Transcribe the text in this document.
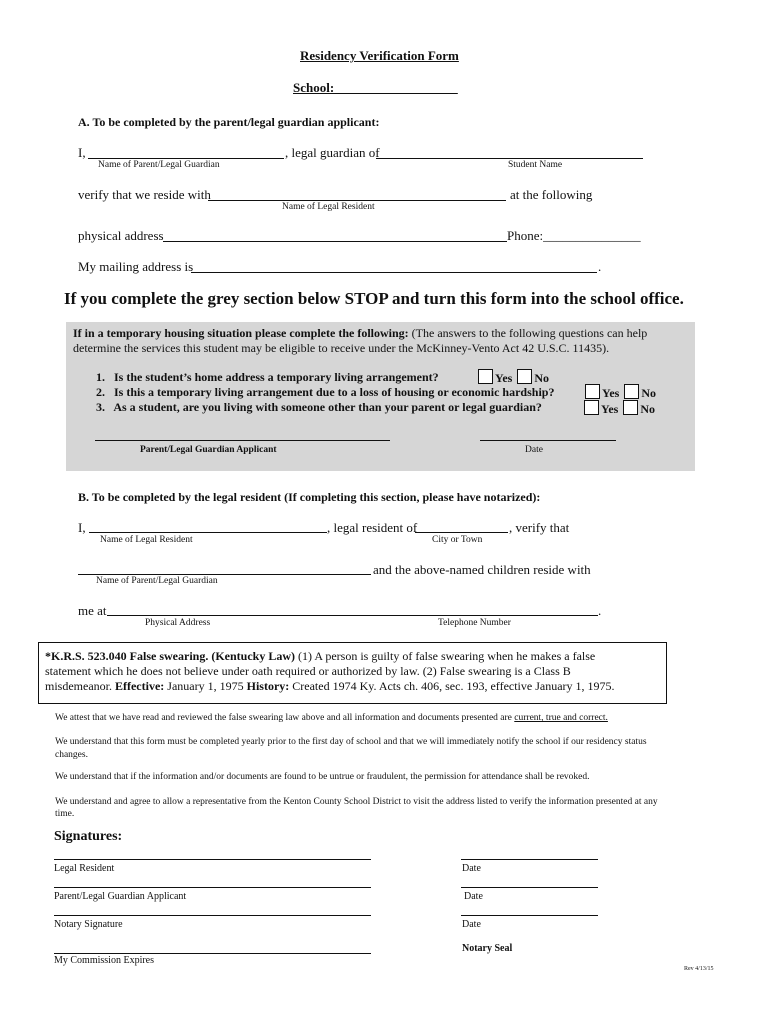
Residency Verification Form
School:___________________
A. To be completed by the parent/legal guardian applicant:
I,	, legal guardian of
Name of Parent/Legal Guardian	Student Name
verify that we reside with	at the following
Name of Legal Resident
physical address	Phone:_______________
My mailing address is	.
If you complete the grey section below STOP and turn this form into the school office.
If in a temporary housing situation please complete the following: (The answers to the following questions can help
determine the services this student may be eligible to receive under the McKinney-Vento Act 42 U.S.C. 11435).
1. Is the student’s home address a temporary living arrangement?	Yes No
2. Is this a temporary living arrangement due to a loss of housing or economic hardship?	Yes No
3. As a student, are you living with someone other than your parent or legal guardian?	Yes No
Parent/Legal Guardian Applicant	Date
B. To be completed by the legal resident (If completing this section, please have notarized):
I,	, legal resident of	, verify that
Name of Legal Resident	City or Town
and the above-named children reside with
Name of Parent/Legal Guardian
me at	.
Physical Address	Telephone Number
*K.R.S. 523.040 False swearing. (Kentucky Law) (1) A person is guilty of false swearing when he makes a false
statement which he does not believe under oath required or authorized by law. (2) False swearing is a Class B
misdemeanor. Effective: January 1, 1975 History: Created 1974 Ky. Acts ch. 406, sec. 193, effective January 1, 1975.
We attest that we have read and reviewed the false swearing law above and all information and documents presented are current, true and correct.
We understand that this form must be completed yearly prior to the first day of school and that we will immediately notify the school if our residency status
changes.
We understand that if the information and/or documents are found to be untrue or fraudulent, the permission for attendance shall be revoked.
We understand and agree to allow a representative from the Kenton County School District to visit the address listed to verify the information presented at any
time.
Signatures:
Legal Resident	Date
Parent/Legal Guardian Applicant	Date
Notary Signature	Date
Notary Seal
My Commission Expires
Rev 4/13/15
